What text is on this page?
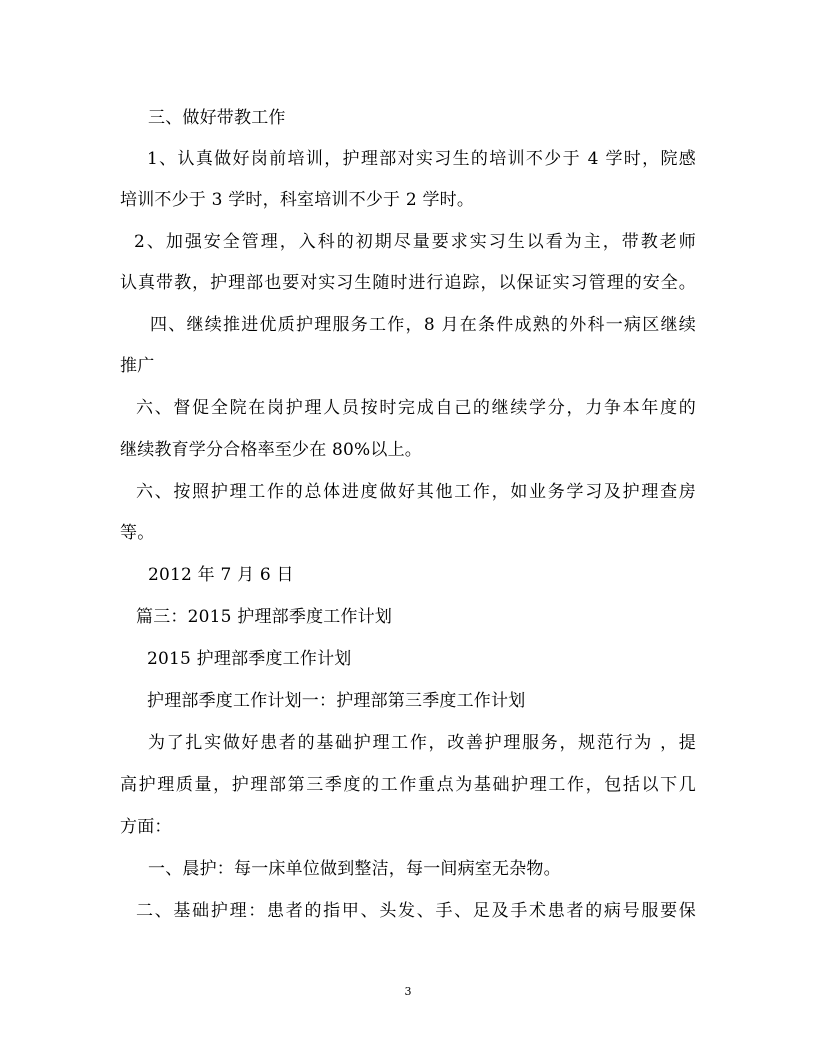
三、做好带教工作
1、认真做好岗前培训，护理部对实习生的培训不少于 4 学时，院感
培训不少于 3 学时，科室培训不少于 2 学时。
2、加强安全管理，入科的初期尽量要求实习生以看为主，带教老师
认真带教，护理部也要对实习生随时进行追踪，以保证实习管理的安全。
四、继续推进优质护理服务工作，8 月在条件成熟的外科一病区继续
推广
六、督促全院在岗护理人员按时完成自己的继续学分，力争本年度的
继续教育学分合格率至少在 80%以上。
六、按照护理工作的总体进度做好其他工作，如业务学习及护理查房
等。
2012 年 7 月 6 日
篇三：2015 护理部季度工作计划
2015 护理部季度工作计划
护理部季度工作计划一：护理部第三季度工作计划
为了扎实做好患者的基础护理工作，改善护理服务，规范行为 ，提
高护理质量，护理部第三季度的工作重点为基础护理工作，包括以下几
方面：
一、晨护：每一床单位做到整洁，每一间病室无杂物。
二、基础护理：患者的指甲、头发、手、足及手术患者的病号服要保
3
